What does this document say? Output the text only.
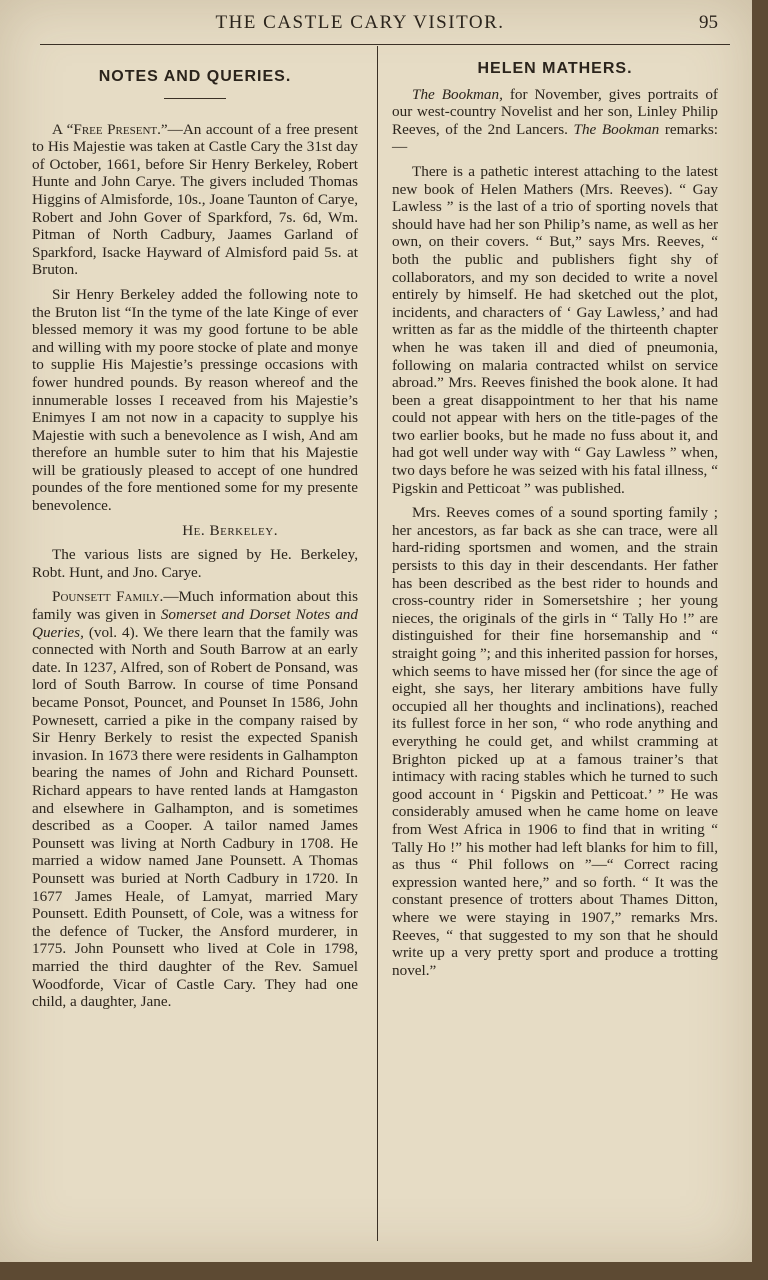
THE CASTLE CARY VISITOR.	95
NOTES AND QUERIES.

A “Free Present.”—An account of a free present to His Majestie was taken at Castle Cary the 31st day of October, 1661, before Sir Henry Berkeley, Robert Hunte and John Carye. The givers included Thomas Higgins of Almisforde, 10s., Joane Taunton of Carye, Robert and John Gover of Sparkford, 7s. 6d, Wm. Pitman of North Cadbury, Jaames Garland of Sparkford, Isacke Hayward of Almisford paid 5s. at Bruton.

Sir Henry Berkeley added the following note to the Bruton list “In the tyme of the late Kinge of ever blessed memory it was my good fortune to be able and willing with my poore stocke of plate and monye to supplie His Majestie’s pressinge occasions with fower hundred pounds. By reason whereof and the innumerable losses I receaved from his Majestie’s Enimyes I am not now in a capacity to supplye his Majestie with such a benevolence as I wish, And am therefore an humble suter to him that his Majestie will be gratiously pleased to accept of one hundred poundes of the fore mentioned some for my presente benevolence.

He. Berkeley.

The various lists are signed by He. Berkeley, Robt. Hunt, and Jno. Carye.

Pounsett Family.—Much information about this family was given in Somerset and Dorset Notes and Queries, (vol. 4). We there learn that the family was connected with North and South Barrow at an early date. In 1237, Alfred, son of Robert de Ponsand, was lord of South Barrow. In course of time Ponsand became Ponsot, Pouncet, and Pounset In 1586, John Pownesett, carried a pike in the company raised by Sir Henry Berkely to resist the expected Spanish invasion. In 1673 there were residents in Galhampton bearing the names of John and Richard Pounsett. Richard appears to have rented lands at Hamgaston and elsewhere in Galhampton, and is sometimes described as a Cooper. A tailor named James Pounsett was living at North Cadbury in 1708. He married a widow named Jane Pounsett. A Thomas Pounsett was buried at North Cadbury in 1720. In 1677 James Heale, of Lamyat, married Mary Pounsett. Edith Pounsett, of Cole, was a witness for the defence of Tucker, the Ansford murderer, in 1775. John Pounsett who lived at Cole in 1798, married the third daughter of the Rev. Samuel Woodforde, Vicar of Castle Cary. They had one child, a daughter, Jane.

HELEN MATHERS.

The Bookman, for November, gives portraits of our west-country Novelist and her son, Linley Philip Reeves, of the 2nd Lancers. The Bookman remarks:—

There is a pathetic interest attaching to the latest new book of Helen Mathers (Mrs. Reeves). “ Gay Lawless ” is the last of a trio of sporting novels that should have had her son Philip’s name, as well as her own, on their covers. “ But,” says Mrs. Reeves, “ both the public and publishers fight shy of collaborators, and my son decided to write a novel entirely by himself. He had sketched out the plot, incidents, and characters of ‘ Gay Lawless,’ and had written as far as the middle of the thirteenth chapter when he was taken ill and died of pneumonia, following on malaria contracted whilst on service abroad.” Mrs. Reeves finished the book alone. It had been a great disappointment to her that his name could not appear with hers on the title-pages of the two earlier books, but he made no fuss about it, and had got well under way with “ Gay Lawless ” when, two days before he was seized with his fatal illness, “ Pigskin and Petticoat ” was published.

Mrs. Reeves comes of a sound sporting family ; her ancestors, as far back as she can trace, were all hard-riding sportsmen and women, and the strain persists to this day in their descendants. Her father has been described as the best rider to hounds and cross-country rider in Somersetshire ; her young nieces, the originals of the girls in “ Tally Ho !” are distinguished for their fine horsemanship and “ straight going ”; and this inherited passion for horses, which seems to have missed her (for since the age of eight, she says, her literary ambitions have fully occupied all her thoughts and inclinations), reached its fullest force in her son, “ who rode anything and everything he could get, and whilst cramming at Brighton picked up at a famous trainer’s that intimacy with racing stables which he turned to such good account in ‘ Pigskin and Petticoat.’ ” He was considerably amused when he came home on leave from West Africa in 1906 to find that in writing “ Tally Ho !” his mother had left blanks for him to fill, as thus “ Phil follows on ”—“ Correct racing expression wanted here,” and so forth. “ It was the constant presence of trotters about Thames Ditton, where we were staying in 1907,” remarks Mrs. Reeves, “ that suggested to my son that he should write up a very pretty sport and produce a trotting novel.”
